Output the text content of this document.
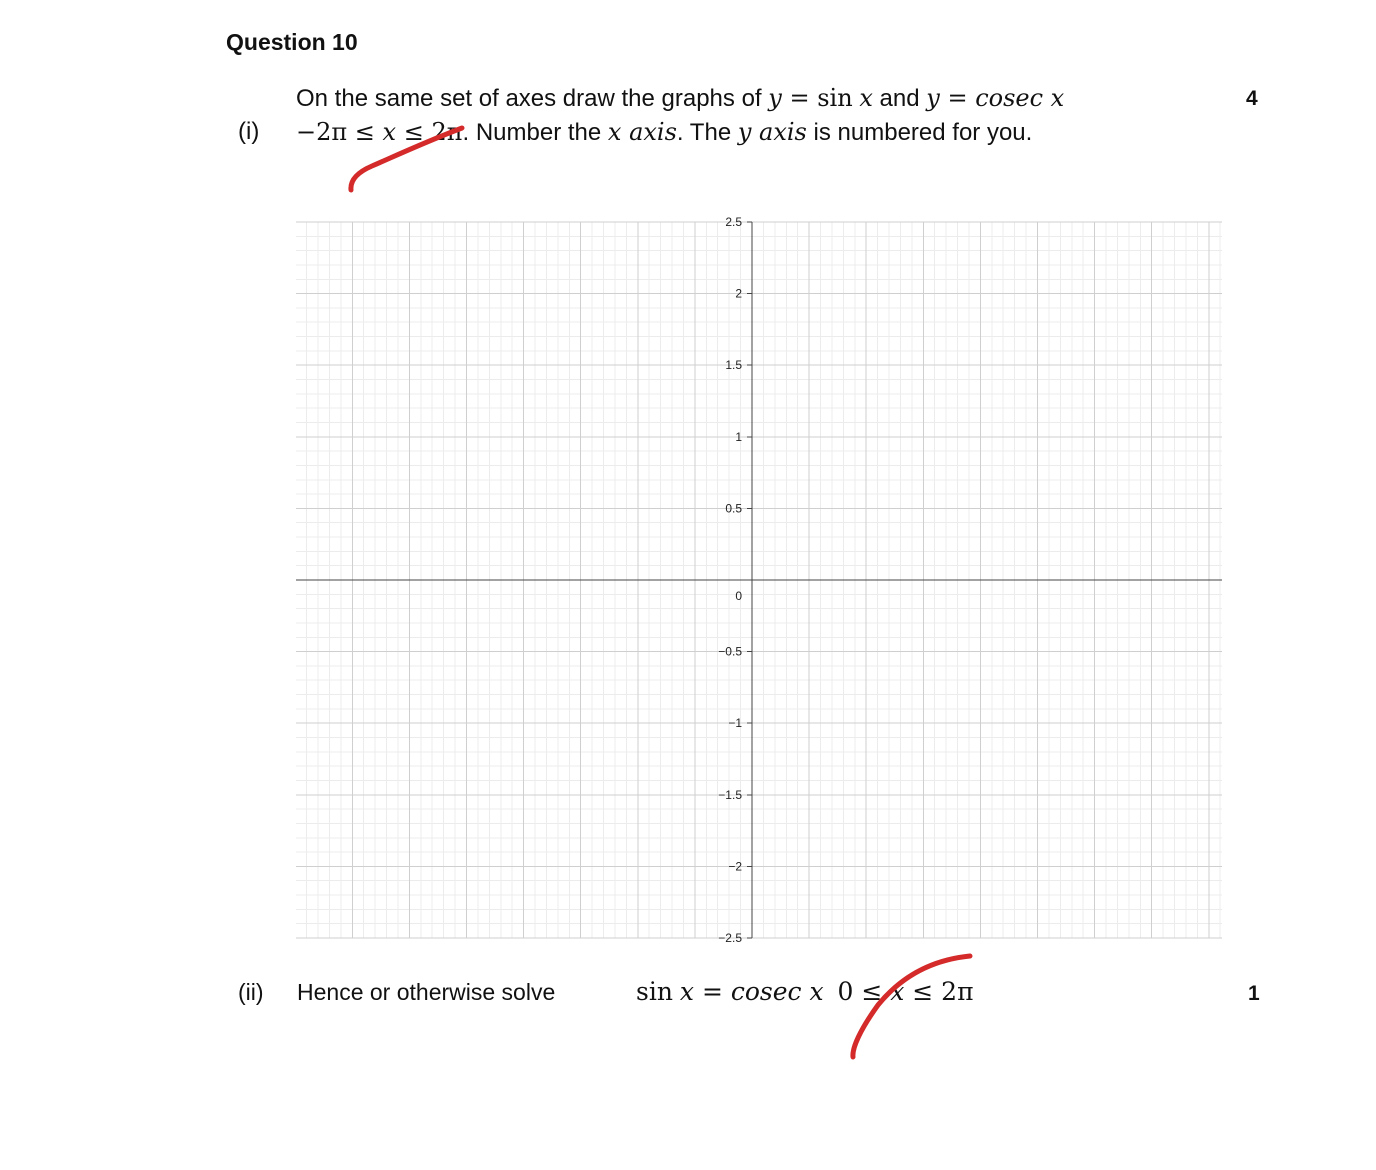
Question 10
4
(i)
On the same set of axes draw the graphs of y = sin x and y = cosec x
−2π ≤ x ≤ 2π. Number the x axis. The y axis is numbered for you.
2.5
2
1.5
1
0.5
0
−0.5
−1
−1.5
−2
−2.5
(ii) Hence or otherwise solve	sin x = cosec x 0 ≤ x ≤ 2π	1
